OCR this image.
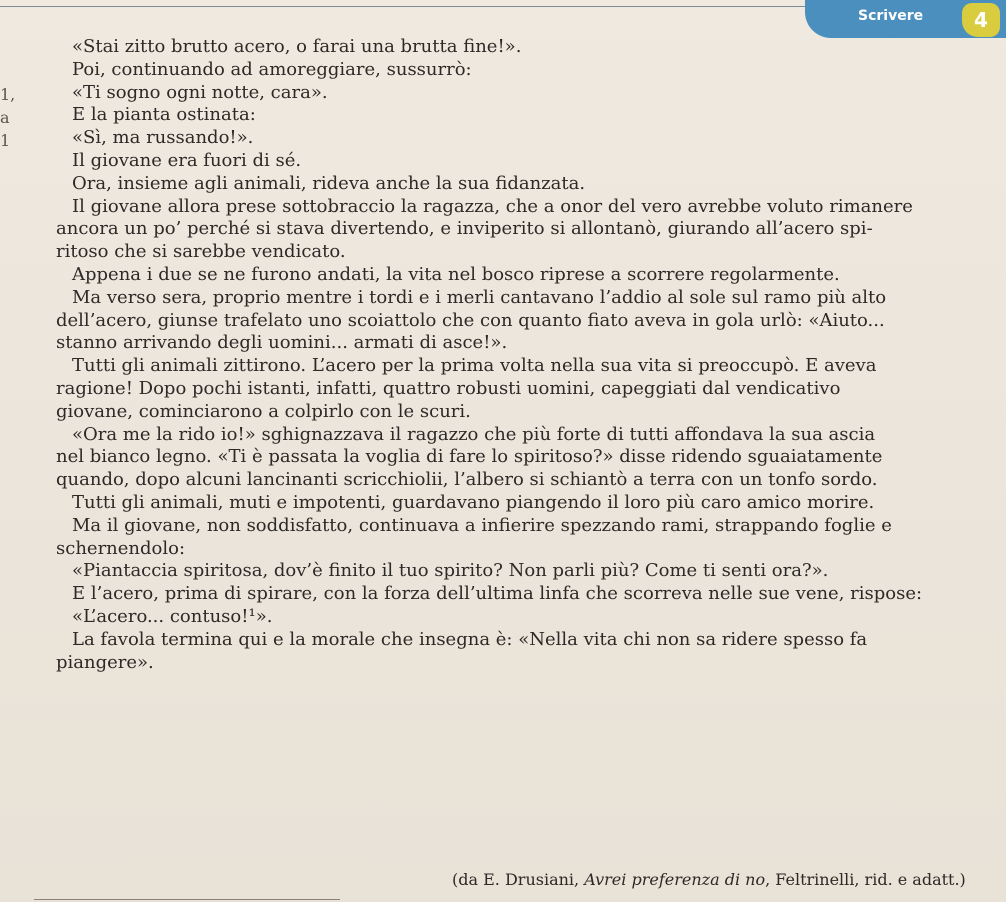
Scrivere	4
1,
a
1

«Stai zitto brutto acero, o farai una brutta fine!».

Poi, continuando ad amoreggiare, sussurrò:

«Ti sogno ogni notte, cara».

E la pianta ostinata:

«Sì, ma russando!».

Il giovane era fuori di sé.

Ora, insieme agli animali, rideva anche la sua fidanzata.

Il giovane allora prese sottobraccio la ragazza, che a onor del vero avrebbe voluto rimanere

ancora un po’ perché si stava divertendo, e inviperito si allontanò, giurando all’acero spi-

ritoso che si sarebbe vendicato.

Appena i due se ne furono andati, la vita nel bosco riprese a scorrere regolarmente.

Ma verso sera, proprio mentre i tordi e i merli cantavano l’addio al sole sul ramo più alto

dell’acero, giunse trafelato uno scoiattolo che con quanto fiato aveva in gola urlò: «Aiuto...

stanno arrivando degli uomini... armati di asce!».

Tutti gli animali zittirono. L’acero per la prima volta nella sua vita si preoccupò. E aveva

ragione! Dopo pochi istanti, infatti, quattro robusti uomini, capeggiati dal vendicativo

giovane, cominciarono a colpirlo con le scuri.

«Ora me la rido io!» sghignazzava il ragazzo che più forte di tutti affondava la sua ascia

nel bianco legno. «Ti è passata la voglia di fare lo spiritoso?» disse ridendo sguaiatamente

quando, dopo alcuni lancinanti scricchiolii, l’albero si schiantò a terra con un tonfo sordo.

Tutti gli animali, muti e impotenti, guardavano piangendo il loro più caro amico morire.

Ma il giovane, non soddisfatto, continuava a infierire spezzando rami, strappando foglie e

schernendolo:

«Piantaccia spiritosa, dov’è finito il tuo spirito? Non parli più? Come ti senti ora?».

E l’acero, prima di spirare, con la forza dell’ultima linfa che scorreva nelle sue vene, rispose:

«L’acero... contuso!¹».

La favola termina qui e la morale che insegna è: «Nella vita chi non sa ridere spesso fa

piangere».

(da E. Drusiani, Avrei preferenza di no, Feltrinelli, rid. e adatt.)
